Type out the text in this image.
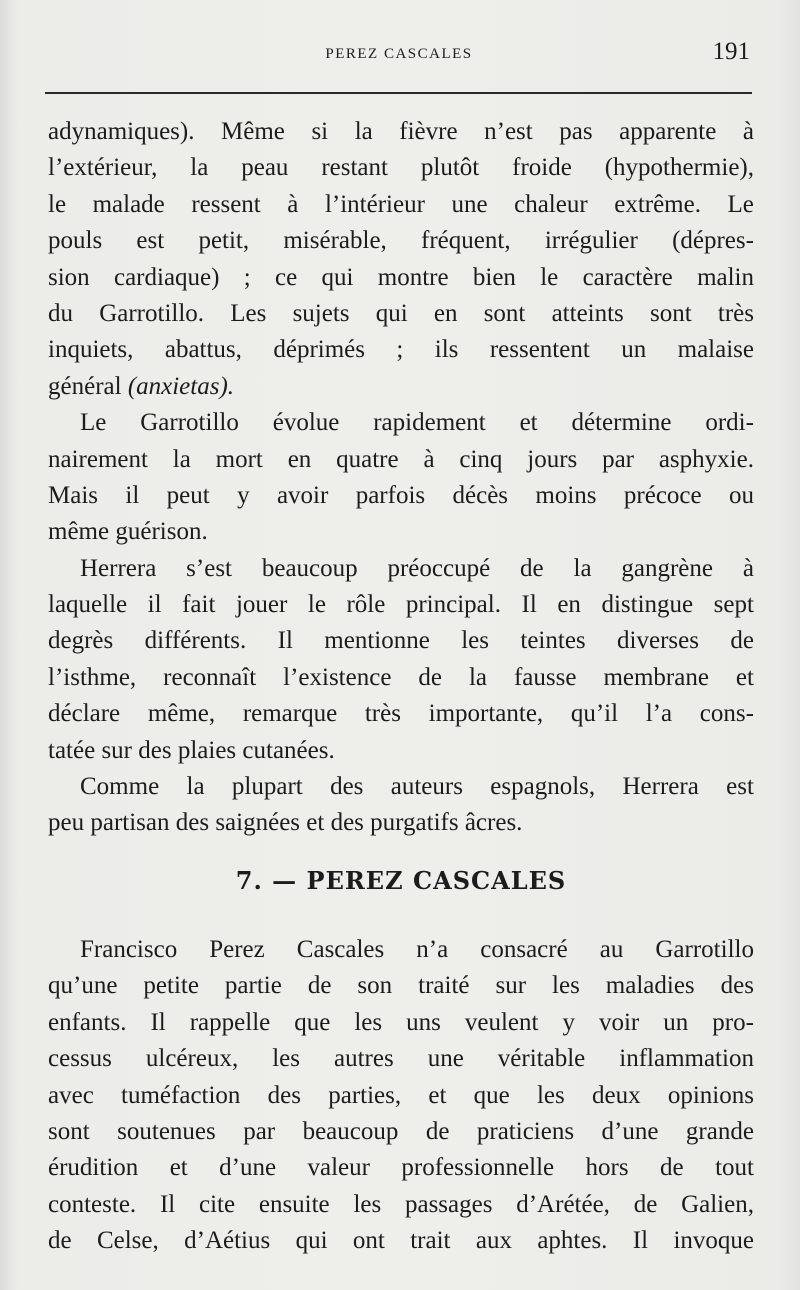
PEREZ CASCALES	191
adynamiques). Même si la fièvre n’est pas apparente à
l’extérieur, la peau restant plutôt froide (hypothermie),
le malade ressent à l’intérieur une chaleur extrême. Le
pouls est petit, misérable, fréquent, irrégulier (dépres-
sion cardiaque) ; ce qui montre bien le caractère malin
du Garrotillo. Les sujets qui en sont atteints sont très
inquiets, abattus, déprimés ; ils ressentent un malaise
général
(anxietas).
Le Garrotillo évolue rapidement et détermine ordi-
nairement la mort en quatre à cinq jours par asphyxie.
Mais il peut y avoir parfois décès moins précoce ou
même
guérison.
Herrera s’est beaucoup préoccupé de la gangrène à
laquelle il fait jouer le rôle principal. Il en distingue sept
degrès différents. Il mentionne les teintes diverses de
l’isthme, reconnaît l’existence de la fausse membrane et
déclare même, remarque très importante, qu’il l’a cons-
tatée
sur
des
plaies
cutanées.
Comme la plupart des auteurs espagnols, Herrera est
peu
partisan
des
saignées
et
des
purgatifs
âcres.
7. — PEREZ CASCALES
Francisco Perez Cascales n’a consacré au Garrotillo
qu’une petite partie de son traité sur les maladies des
enfants. Il rappelle que les uns veulent y voir un pro-
cessus ulcéreux, les autres une véritable inflammation
avec tuméfaction des parties, et que les deux opinions
sont soutenues par beaucoup de praticiens d’une grande
érudition et d’une valeur professionnelle hors de tout
conteste. Il cite ensuite les passages d’Arétée, de Galien,
de Celse, d’Aétius qui ont trait aux aphtes. Il invoque
